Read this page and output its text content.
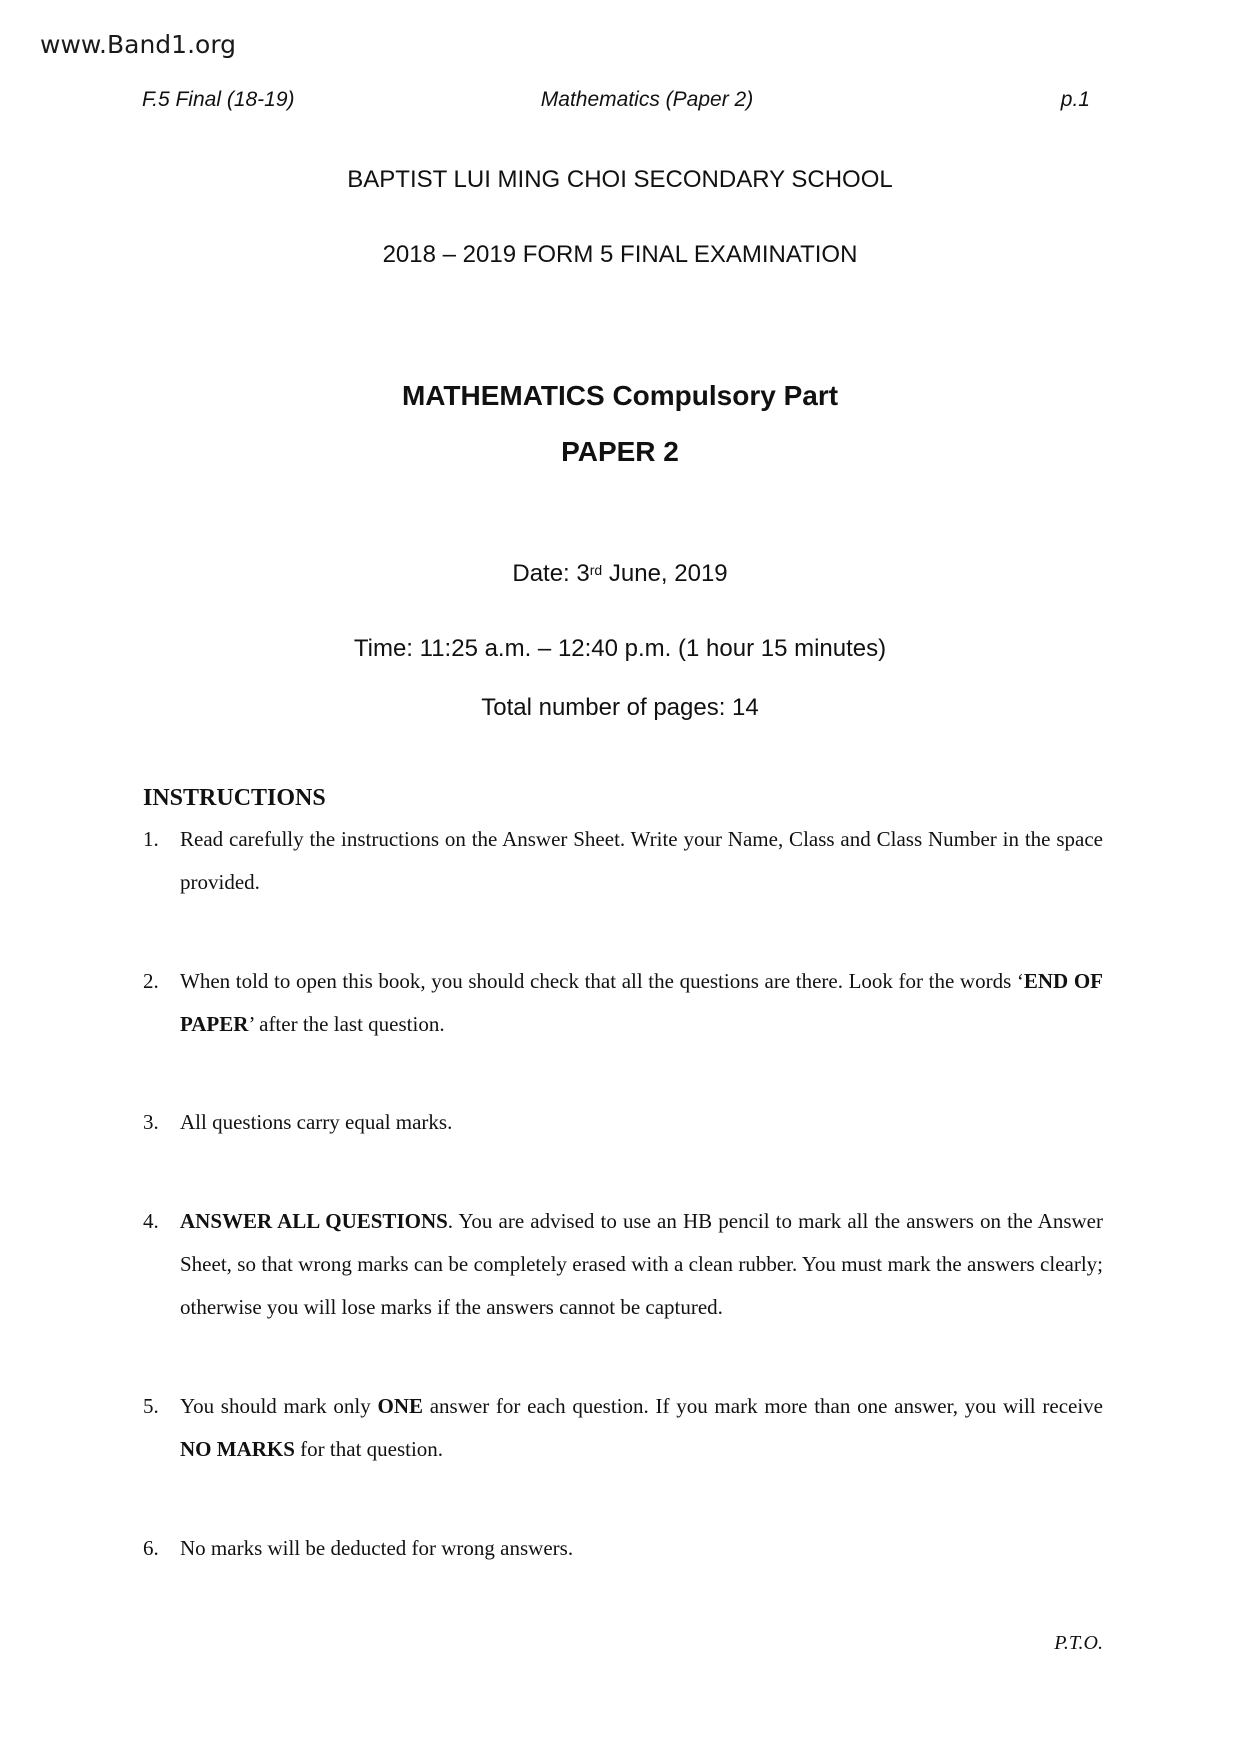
www.Band1.org
F.5 Final (18-19)	Mathematics (Paper 2)	p.1
BAPTIST LUI MING CHOI SECONDARY SCHOOL
2018 – 2019 FORM 5 FINAL EXAMINATION
MATHEMATICS Compulsory Part
PAPER 2
Date: 3rd June, 2019
Time: 11:25 a.m. – 12:40 p.m. (1 hour 15 minutes)
Total number of pages: 14
INSTRUCTIONS
1. Read carefully the instructions on the Answer Sheet. Write your Name, Class and Class Number in the space provided.
2. When told to open this book, you should check that all the questions are there. Look for the words ‘END OF PAPER’ after the last question.
3. All questions carry equal marks.
4. ANSWER ALL QUESTIONS. You are advised to use an HB pencil to mark all the answers on the Answer Sheet, so that wrong marks can be completely erased with a clean rubber. You must mark the answers clearly; otherwise you will lose marks if the answers cannot be captured.
5. You should mark only ONE answer for each question. If you mark more than one answer, you will receive NO MARKS for that question.
6. No marks will be deducted for wrong answers.
P.T.O.
